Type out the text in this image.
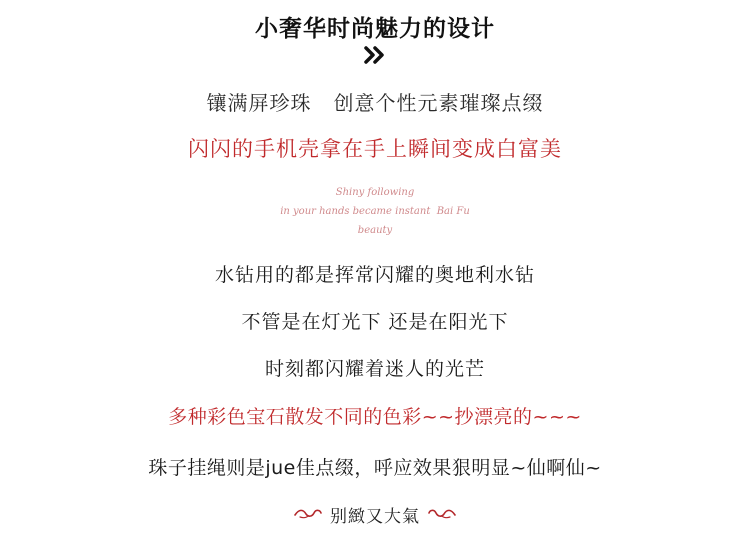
小奢华时尚魅力的设计
镶满屏珍珠   创意个性元素璀璨点缀
闪闪的手机壳拿在手上瞬间变成白富美
Shiny following
in your hands became instant  Bai Fu
beauty
水钻用的都是挥常闪耀的奥地利水钻
不管是在灯光下 还是在阳光下
时刻都闪耀着迷人的光芒
多种彩色宝石散发不同的色彩~~抄漂亮的~~~
珠子挂绳则是jue佳点缀，呼应效果狠明显~仙啊仙~
别緻又大氣
